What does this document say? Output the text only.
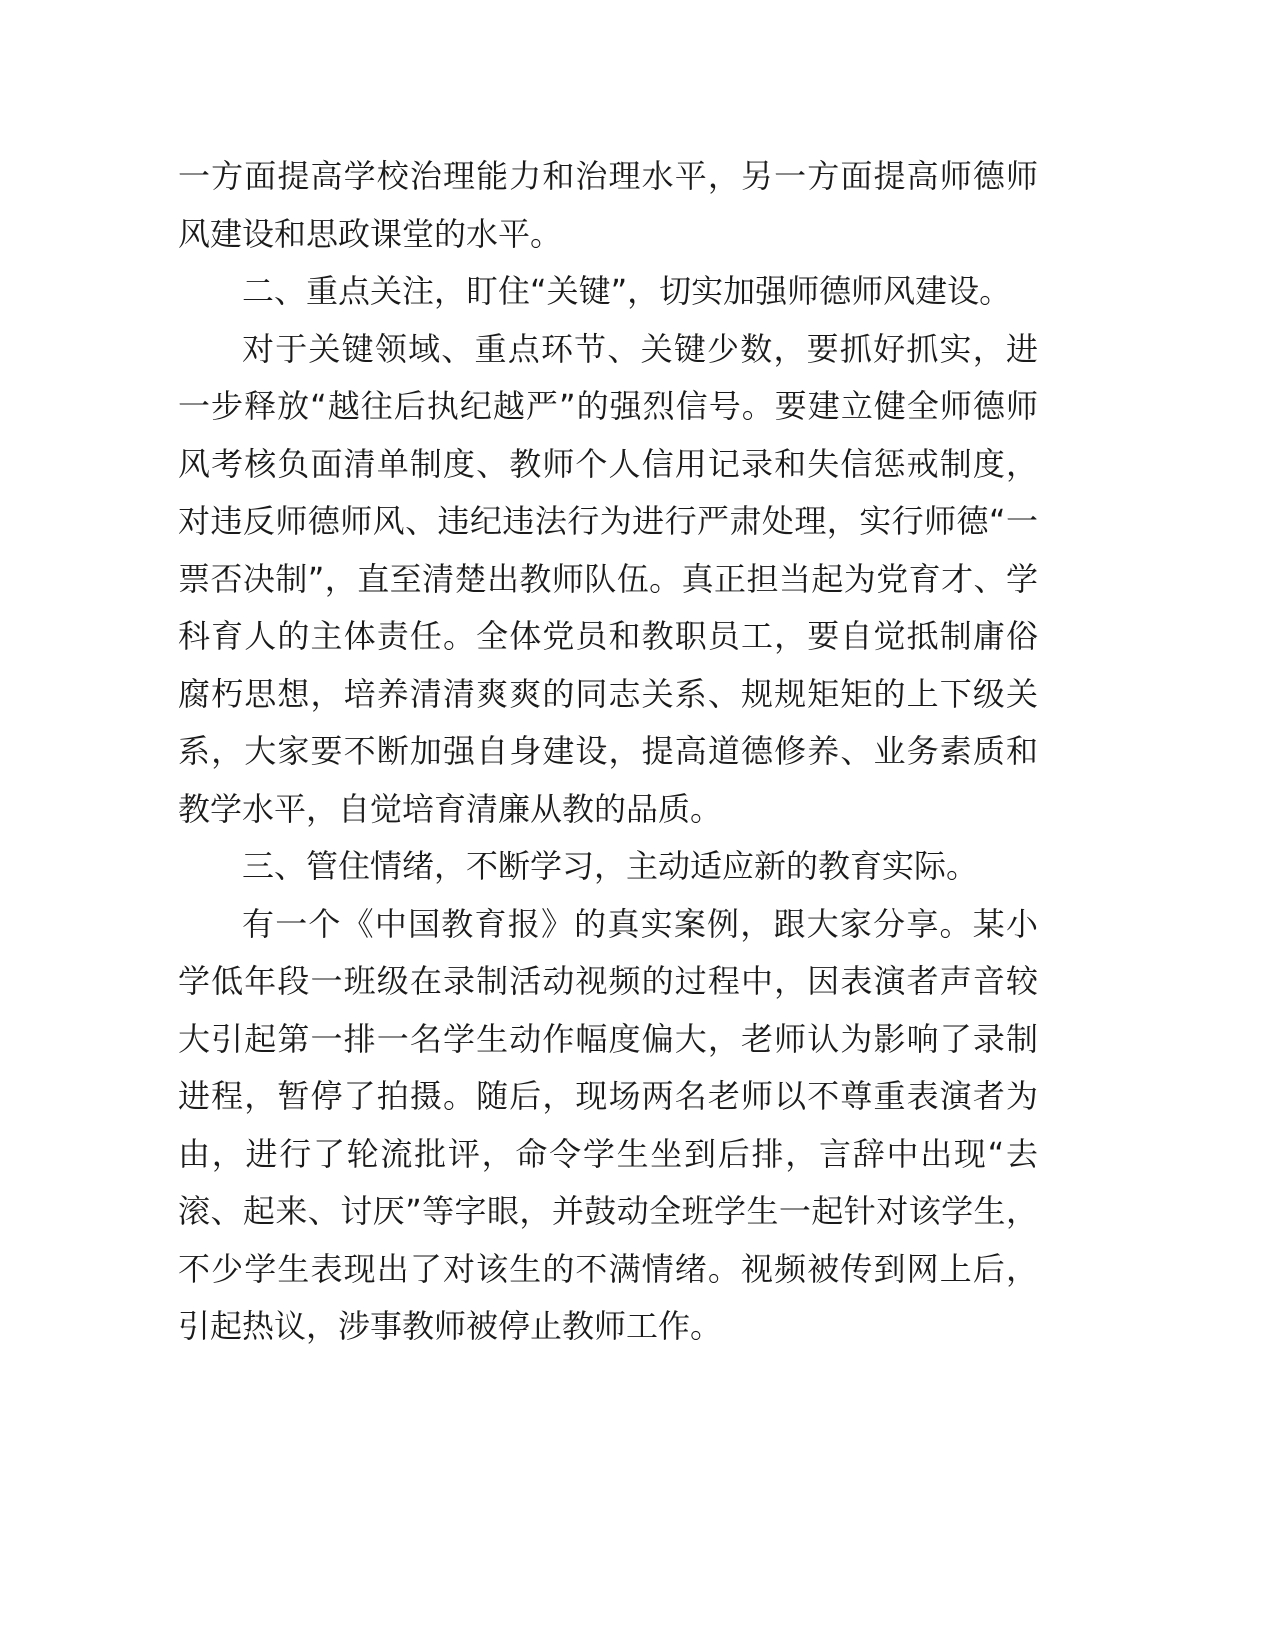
一方面提高学校治理能力和治理水平，另一方面提高师德师风建设和思政课堂的水平。

二、重点关注，盯住“关键”，切实加强师德师风建设。

对于关键领域、重点环节、关键少数，要抓好抓实，进一步释放“越往后执纪越严”的强烈信号。要建立健全师德师风考核负面清单制度、教师个人信用记录和失信惩戒制度，对违反师德师风、违纪违法行为进行严肃处理，实行师德“一票否决制”，直至清楚出教师队伍。真正担当起为党育才、学科育人的主体责任。全体党员和教职员工，要自觉抵制庸俗腐朽思想，培养清清爽爽的同志关系、规规矩矩的上下级关系，大家要不断加强自身建设，提高道德修养、业务素质和教学水平，自觉培育清廉从教的品质。

三、管住情绪，不断学习，主动适应新的教育实际。

有一个《中国教育报》的真实案例，跟大家分享。某小学低年段一班级在录制活动视频的过程中，因表演者声音较大引起第一排一名学生动作幅度偏大，老师认为影响了录制进程，暂停了拍摄。随后，现场两名老师以不尊重表演者为由，进行了轮流批评，命令学生坐到后排，言辞中出现“去滚、起来、讨厌”等字眼，并鼓动全班学生一起针对该学生，不少学生表现出了对该生的不满情绪。视频被传到网上后，引起热议，涉事教师被停止教师工作。
